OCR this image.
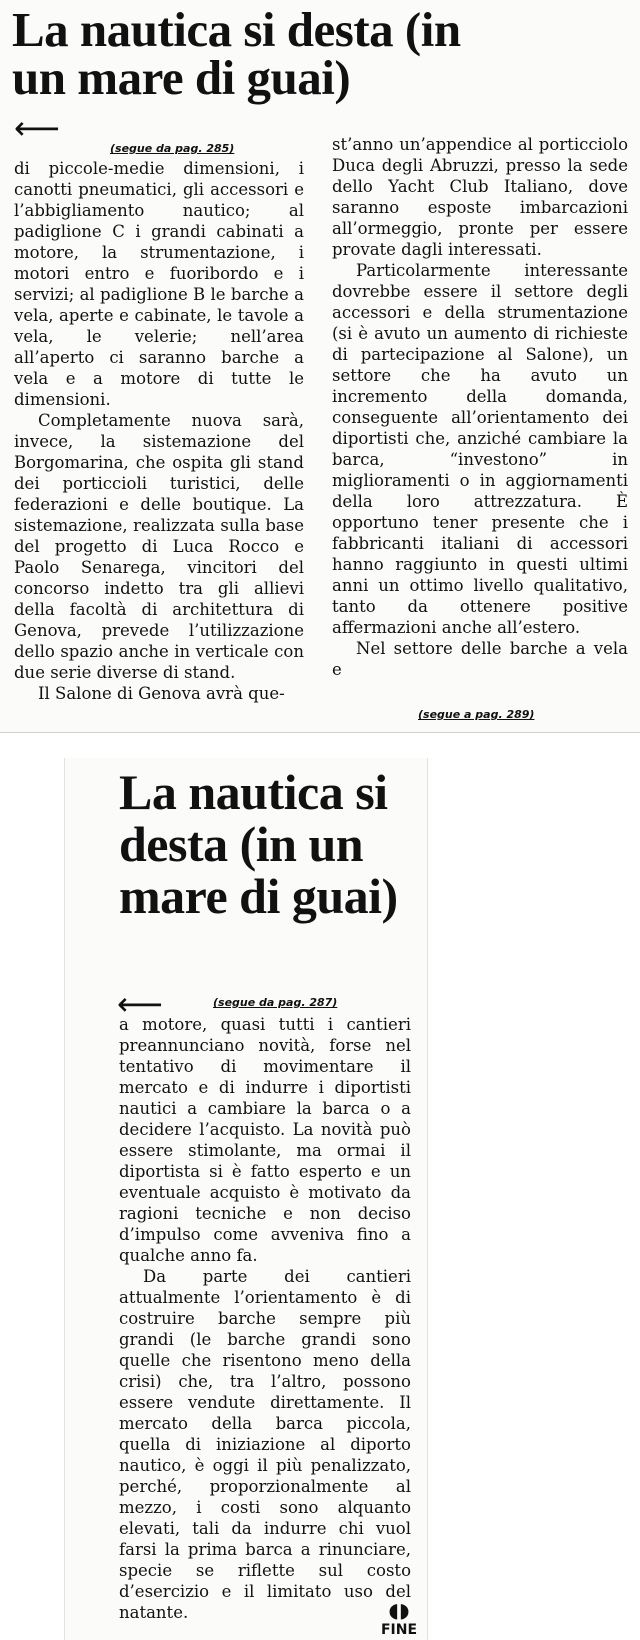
La nautica si desta (in un mare di guai)
⟵
(segue da pag. 285)

di piccole-medie dimensioni, i canotti pneumatici, gli accessori e l’abbigliamento nautico; al padiglione C i grandi cabinati a motore, la strumentazione, i motori entro e fuoribordo e i servizi; al padiglione B le barche a vela, aperte e cabinate, le tavole a vela, le velerie; nell’area all’aperto ci saranno barche a vela e a motore di tutte le dimensioni.

Completamente nuova sarà, invece, la sistemazione del Borgomarina, che ospita gli stand dei porticcioli turistici, delle federazioni e delle boutique. La sistemazione, realizzata sulla base del progetto di Luca Rocco e Paolo Senarega, vincitori del concorso indetto tra gli allievi della facoltà di architettura di Genova, prevede l’utilizzazione dello spazio anche in verticale con due serie diverse di stand.

Il Salone di Genova avrà que-

st’anno un’appendice al porticciolo Duca degli Abruzzi, presso la sede dello Yacht Club Italiano, dove saranno esposte imbarcazioni all’ormeggio, pronte per essere provate dagli interessati.

Particolarmente interessante dovrebbe essere il settore degli accessori e della strumentazione (si è avuto un aumento di richieste di partecipazione al Salone), un settore che ha avuto un incremento della domanda, conseguente all’orientamento dei diportisti che, anziché cambiare la barca, “investono” in miglioramenti o in aggiornamenti della loro attrezzatura. È opportuno tener presente che i fabbricanti italiani di accessori hanno raggiunto in questi ultimi anni un ottimo livello qualitativo, tanto da ottenere positive affermazioni anche all’estero.

Nel settore delle barche a vela e

(segue a pag. 289)
La nautica si desta (in un mare di guai)
⟵	(segue da pag. 287)

a motore, quasi tutti i cantieri preannunciano novità, forse nel tentativo di movimentare il mercato e di indurre i diportisti nautici a cambiare la barca o a decidere l’acquisto. La novità può essere stimolante, ma ormai il diportista si è fatto esperto e un eventuale acquisto è motivato da ragioni tecniche e non deciso d’impulso come avveniva fino a qualche anno fa.

Da parte dei cantieri attualmente l’orientamento è di costruire barche sempre più grandi (le barche grandi sono quelle che risentono meno della crisi) che, tra l’altro, possono essere vendute direttamente. Il mercato della barca piccola, quella di iniziazione al diporto nautico, è oggi il più penalizzato, perché, proporzionalmente al mezzo, i costi sono alquanto elevati, tali da indurre chi vuol farsi la prima barca a rinunciare, specie se riflette sul costo d’esercizio e il limitato uso del natante.	◖◗
FINE
